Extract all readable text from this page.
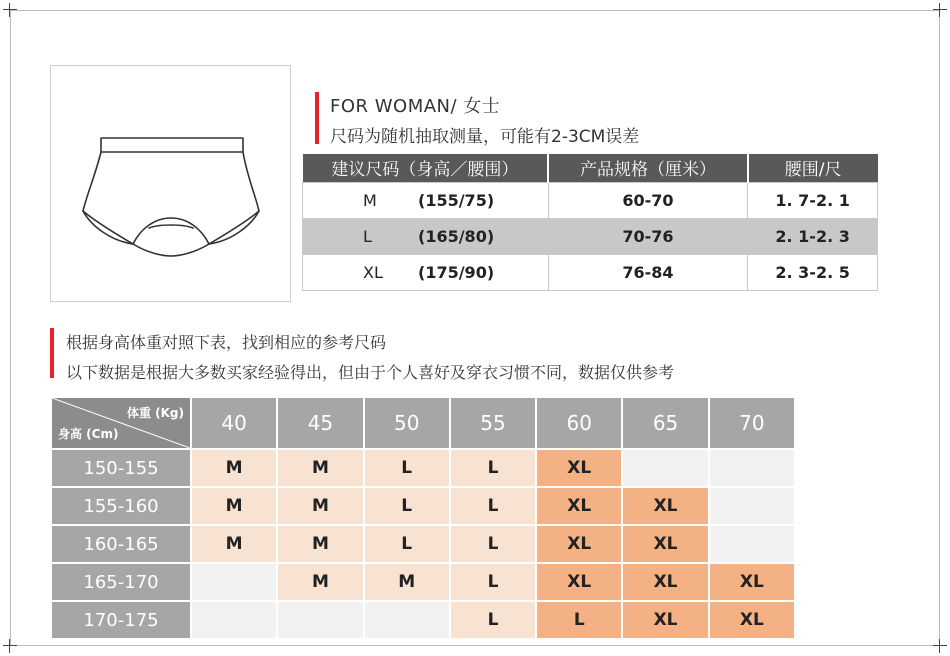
FOR WOMAN/ 女士
尺码为随机抽取测量，可能有2-3CM误差
建议尺码（身高／腰围）	产品规格（厘米）	腰围/尺
M (155/75)	60-70	1. 7-2. 1
L (165/80)	70-76	2. 1-2. 3
XL (175/90)	76-84	2. 3-2. 5
根据身高体重对照下表，找到相应的参考尺码
以下数据是根据大多数买家经验得出，但由于个人喜好及穿衣习惯不同，数据仅供参考
体重 (Kg)
身高 (Cm)	40	45	50	55	60	65	70
150-155	M	M	L	L	XL		
155-160	M	M	L	L	XL	XL	
160-165	M	M	L	L	XL	XL	
165-170		M	M	L	XL	XL	XL
170-175				L	L	XL	XL
